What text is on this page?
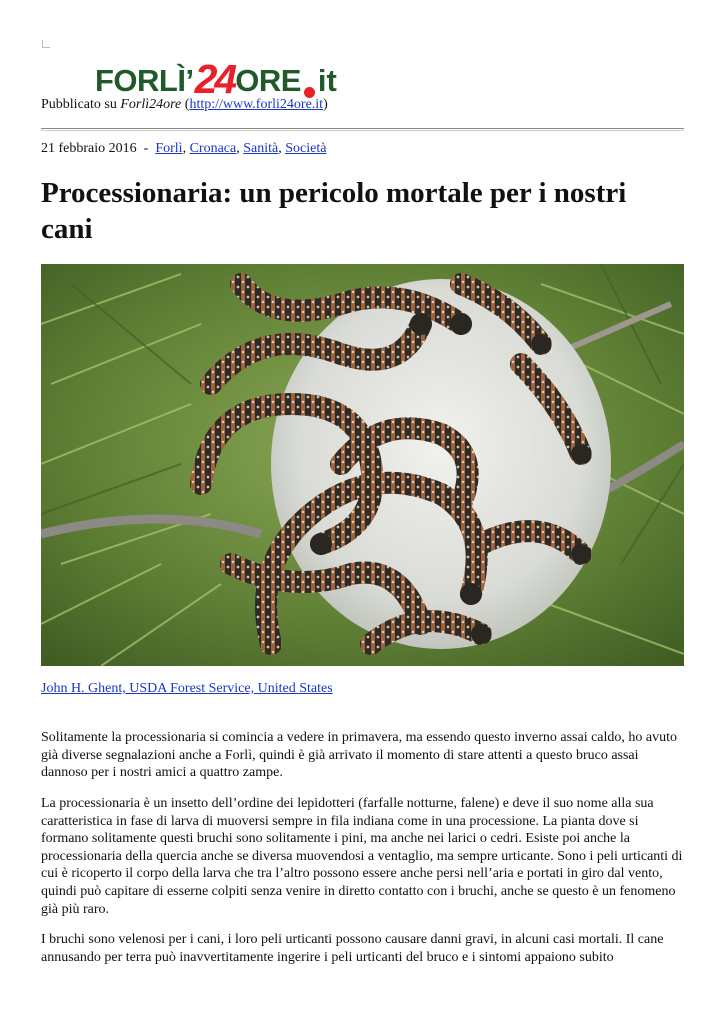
FORLÌ’ 24 ORE it
Pubblicato su Forlì24ore (http://www.forli24ore.it)
21 febbraio 2016 - Forlì, Cronaca, Sanità, Società
Processionaria: un pericolo mortale per i nostri cani
John H. Ghent, USDA Forest Service, United States

Solitamente la processionaria si comincia a vedere in primavera, ma essendo questo inverno assai caldo, ho avuto già diverse segnalazioni anche a Forlì, quindi è già arrivato il momento di stare attenti a questo bruco assai dannoso per i nostri amici a quattro zampe.

La processionaria è un insetto dell’ordine dei lepidotteri (farfalle notturne, falene) e deve il suo nome alla sua caratteristica in fase di larva di muoversi sempre in fila indiana come in una processione. La pianta dove si formano solitamente questi bruchi sono solitamente i pini, ma anche nei larici o cedri. Esiste poi anche la processionaria della quercia anche se diversa muovendosi a ventaglio, ma sempre urticante. Sono i peli urticanti di cui è ricoperto il corpo della larva che tra l’altro possono essere anche persi nell’aria e portati in giro dal vento, quindi può capitare di esserne colpiti senza venire in diretto contatto con i bruchi, anche se questo è un fenomeno già più raro.

I bruchi sono velenosi per i cani, i loro peli urticanti possono causare danni gravi, in alcuni casi mortali. Il cane annusando per terra può inavvertitamente ingerire i peli urticanti del bruco e i sintomi appaiono subito
